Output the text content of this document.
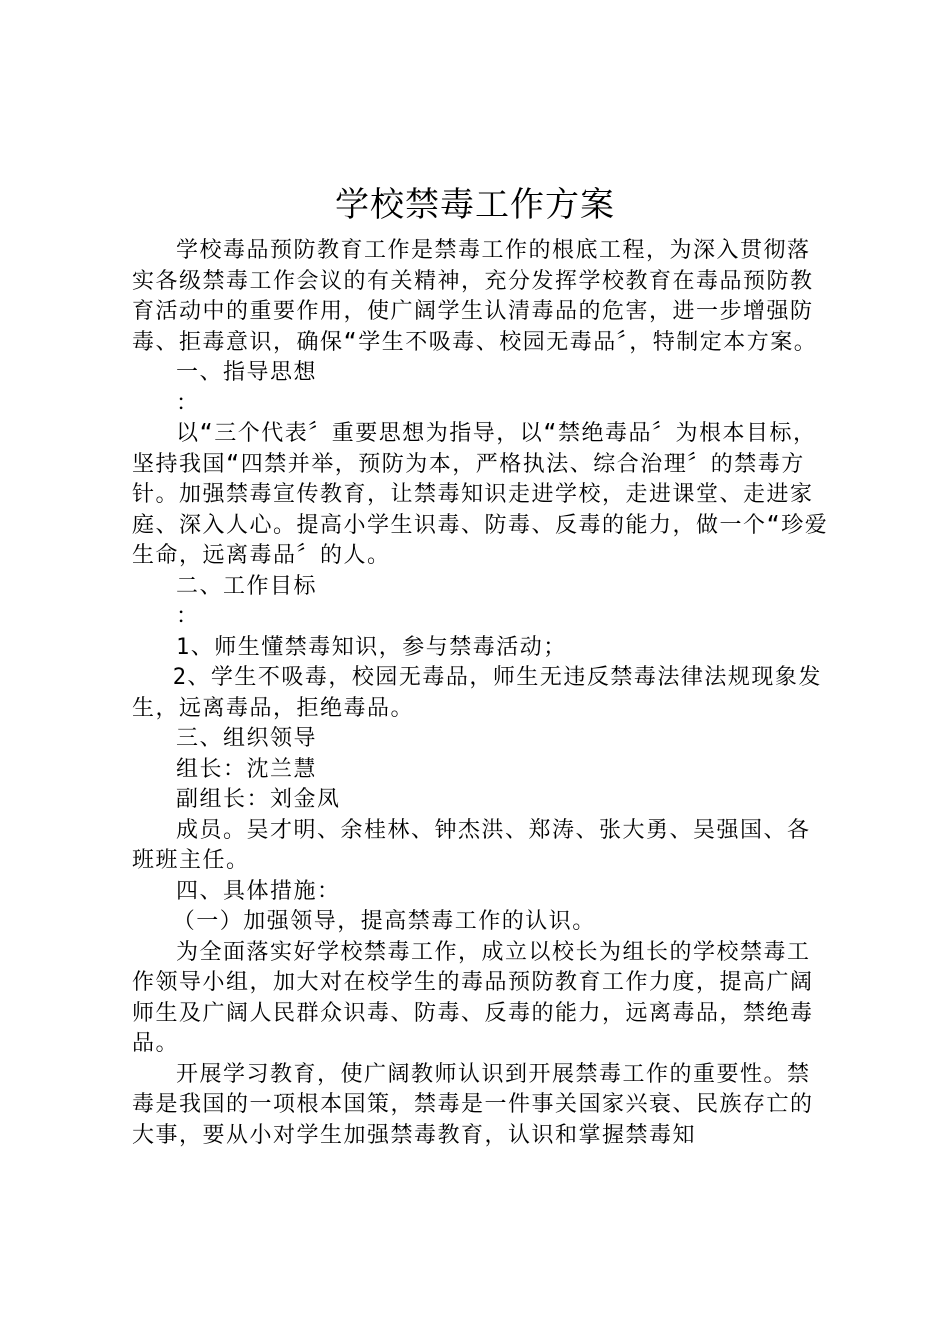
学校禁毒工作方案

学校毒品预防教育工作是禁毒工作的根底工程，为深入贯彻落实各级禁毒工作会议的有关精神，充分发挥学校教育在毒品预防教育活动中的重要作用，使广阔学生认清毒品的危害，进一步增强防毒、拒毒意识，确保“学生不吸毒、校园无毒品〞，特制定本方案。

一、指导思想

：

以“三个代表〞重要思想为指导，以“禁绝毒品〞为根本目标，坚持我国“四禁并举，预防为本，严格执法、综合治理〞的禁毒方针。加强禁毒宣传教育，让禁毒知识走进学校，走进课堂、走进家庭、深入人心。提高小学生识毒、防毒、反毒的能力，做一个“珍爱生命，远离毒品〞的人。

二、工作目标

：

1、师生懂禁毒知识，参与禁毒活动；

2、学生不吸毒，校园无毒品，师生无违反禁毒法律法规现象发生，远离毒品，拒绝毒品。

三、组织领导

组长：沈兰慧

副组长：刘金凤

成员。吴才明、余桂林、钟杰洪、郑涛、张大勇、吴强国、各班班主任。

四、具体措施：

（一）加强领导，提高禁毒工作的认识。

为全面落实好学校禁毒工作，成立以校长为组长的学校禁毒工作领导小组，加大对在校学生的毒品预防教育工作力度，提高广阔师生及广阔人民群众识毒、防毒、反毒的能力，远离毒品，禁绝毒品。

开展学习教育，使广阔教师认识到开展禁毒工作的重要性。禁毒是我国的一项根本国策，禁毒是一件事关国家兴衰、民族存亡的大事，要从小对学生加强禁毒教育，认识和掌握禁毒知
